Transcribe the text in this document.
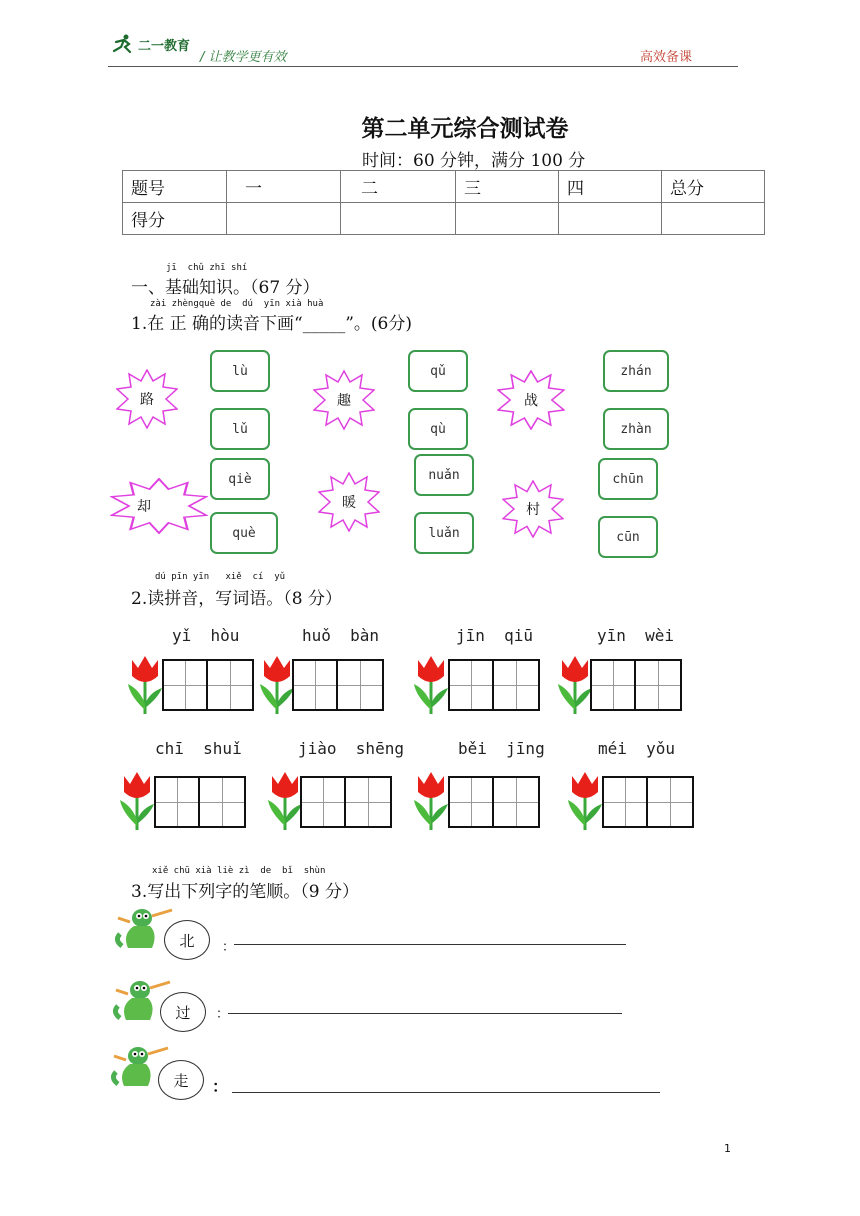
二一教育
/ 让教学更有效	高效备课
第二单元综合测试卷
时间：60 分钟，满分 100 分
题号	一	二	三	四	总分
得分					
jī  chǔ zhī shí
一、基础知识。（67 分）
zài zhèngquè de  dú  yīn xià huà
1.在 正 确的读音下画“_____”。(6分)
路
lù
lǔ
趣
qǔ
qù
战
zhán
zhàn
却
qiè
què
暖
nuǎn
luǎn
村
chūn
cūn
dú pīn yīn   xiě  cí  yǔ
2.读拼音，写词语。（8 分）
yǐ  hòu	huǒ  bàn	jīn  qiū	yīn  wèi
chī  shuǐ	jiào  shēng	běi  jīng	méi  yǒu
xiě chū xià liè zì  de  bǐ  shùn
3.写出下列字的笔顺。（9 分）
北	：
过	：
走	：
1
